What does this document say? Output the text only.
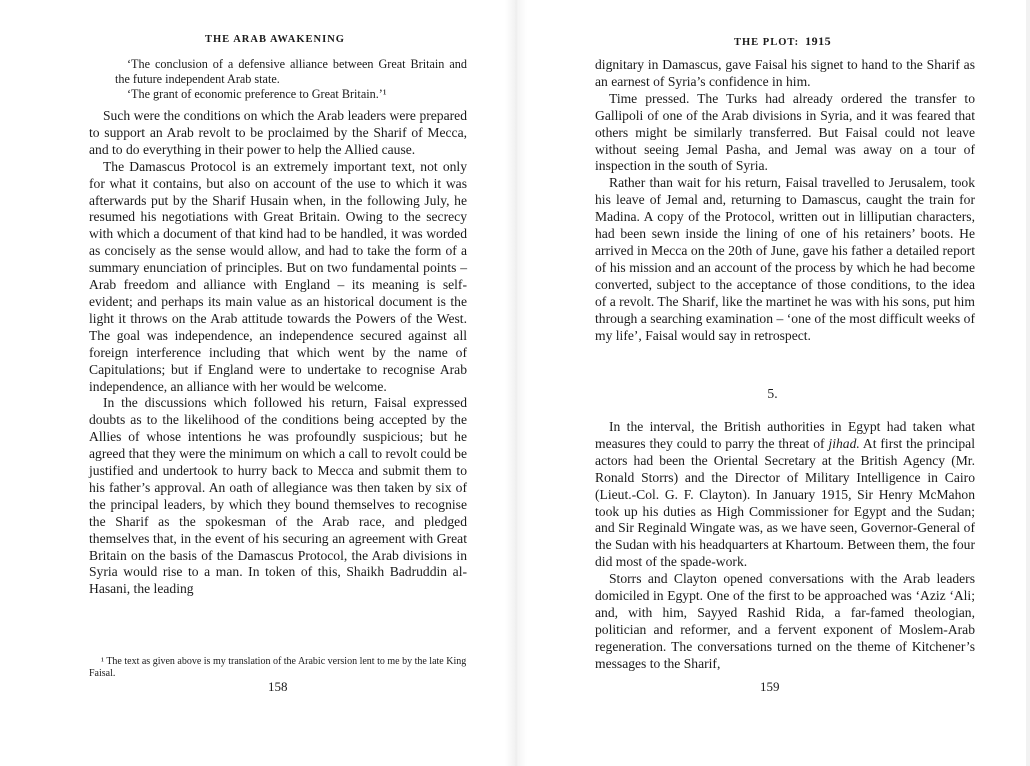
THE ARAB AWAKENING

‘The conclusion of a defensive alliance between Great Britain and the future independent Arab state.

‘The grant of economic preference to Great Britain.’¹

Such were the conditions on which the Arab leaders were prepared to support an Arab revolt to be proclaimed by the Sharif of Mecca, and to do everything in their power to help the Allied cause.

The Damascus Protocol is an extremely important text, not only for what it contains, but also on account of the use to which it was afterwards put by the Sharif Husain when, in the following July, he resumed his negotiations with Great Britain. Owing to the secrecy with which a document of that kind had to be handled, it was worded as concisely as the sense would allow, and had to take the form of a summary enunciation of principles. But on two fundamental points – Arab freedom and alliance with England – its meaning is self-evident; and perhaps its main value as an historical document is the light it throws on the Arab attitude towards the Powers of the West. The goal was independence, an independence secured against all foreign interference including that which went by the name of Capitulations; but if England were to undertake to recognise Arab independence, an alliance with her would be welcome.

In the discussions which followed his return, Faisal expressed doubts as to the likelihood of the conditions being accepted by the Allies of whose intentions he was profoundly suspicious; but he agreed that they were the minimum on which a call to revolt could be justified and undertook to hurry back to Mecca and submit them to his father’s approval. An oath of allegiance was then taken by six of the principal leaders, by which they bound themselves to recognise the Sharif as the spokesman of the Arab race, and pledged themselves that, in the event of his securing an agreement with Great Britain on the basis of the Damascus Protocol, the Arab divisions in Syria would rise to a man. In token of this, Shaikh Badruddin al-Hasani, the leading

¹ The text as given above is my translation of the Arabic version lent to me by the late King Faisal.

158
THE PLOT: 1915

dignitary in Damascus, gave Faisal his signet to hand to the Sharif as an earnest of Syria’s confidence in him.

Time pressed. The Turks had already ordered the transfer to Gallipoli of one of the Arab divisions in Syria, and it was feared that others might be similarly transferred. But Faisal could not leave without seeing Jemal Pasha, and Jemal was away on a tour of inspection in the south of Syria.

Rather than wait for his return, Faisal travelled to Jerusalem, took his leave of Jemal and, returning to Damascus, caught the train for Madina. A copy of the Protocol, written out in lilliputian characters, had been sewn inside the lining of one of his retainers’ boots. He arrived in Mecca on the 20th of June, gave his father a detailed report of his mission and an account of the process by which he had become converted, subject to the acceptance of those conditions, to the idea of a revolt. The Sharif, like the martinet he was with his sons, put him through a searching examination – ‘one of the most difficult weeks of my life’, Faisal would say in retrospect.

5.

In the interval, the British authorities in Egypt had taken what measures they could to parry the threat of jihad. At first the principal actors had been the Oriental Secretary at the British Agency (Mr. Ronald Storrs) and the Director of Military Intelligence in Cairo (Lieut.-Col. G. F. Clayton). In January 1915, Sir Henry McMahon took up his duties as High Commissioner for Egypt and the Sudan; and Sir Reginald Wingate was, as we have seen, Governor-General of the Sudan with his headquarters at Khartoum. Between them, the four did most of the spade-work.

Storrs and Clayton opened conversations with the Arab leaders domiciled in Egypt. One of the first to be approached was ‘Aziz ‘Ali; and, with him, Sayyed Rashid Rida, a far-famed theologian, politician and reformer, and a fervent exponent of Moslem-Arab regeneration. The conversations turned on the theme of Kitchener’s messages to the Sharif,

159
